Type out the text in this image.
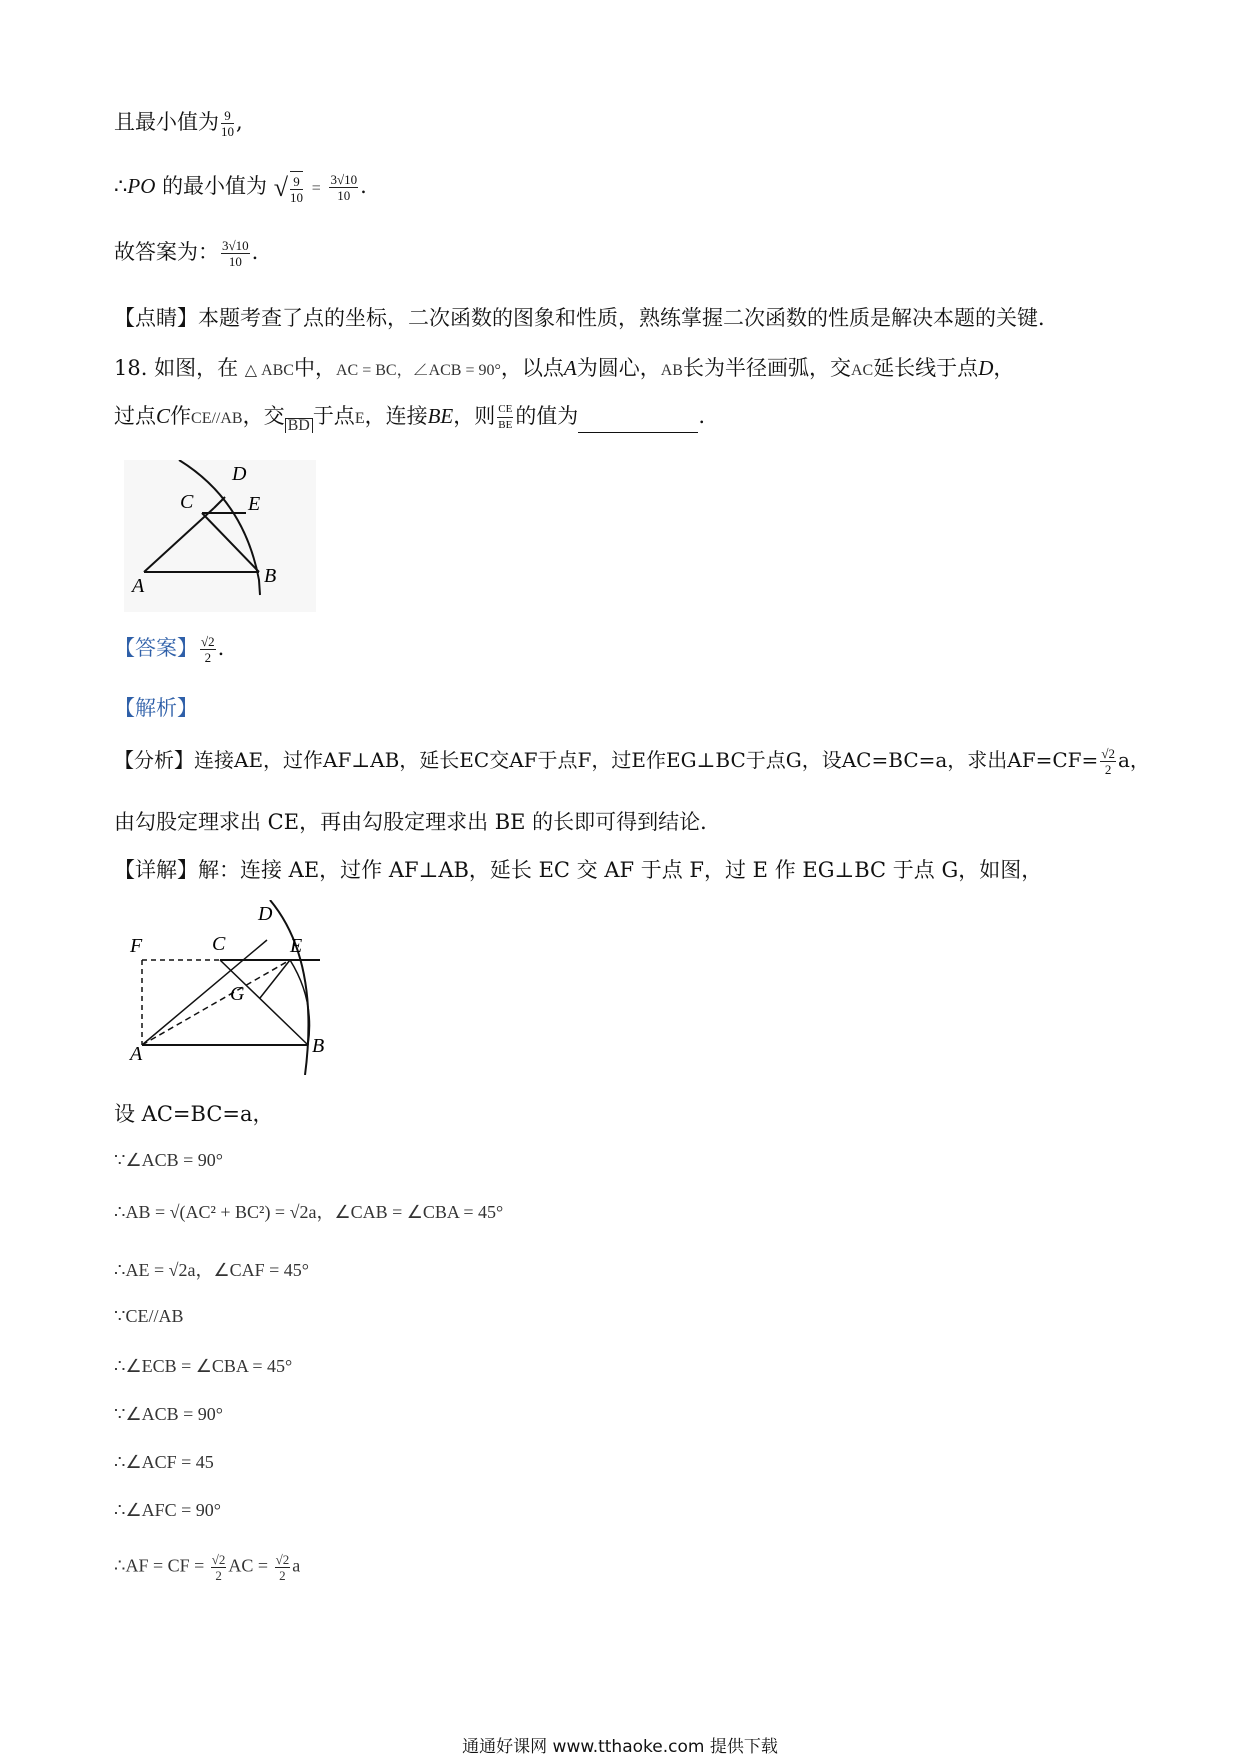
且最小值为 $\frac{9}{10}$ ,
∴PO 的最小值为 √ $\frac{9}{10} = \frac{3√10}{10}$ .
故答案为： $\frac{3√10}{10}$ .
【点睛】本题考查了点的坐标，二次函数的图象和性质，熟练掌握二次函数的性质是解决本题的关键．
18. 如图，在 △ ABC中，AC = BC，∠ACB = 90°，以点A为圆心，AB长为半径画弧，交AC延长线于点D，
过点C作CE//AB，交 BD 于点E，连接BE，则 $\frac{CE}{BE}$ 的值为	.
A	B
C
D
E
【答案】 $\frac{√2}{2}$ .
【解析】
【分析】连接AE，过作AF⊥AB，延长EC交AF于点F，过E作EG⊥BC于点G，设AC=BC=a，求出$AF=CF= \frac{√2}{2}$ a，
由勾股定理求出 CE，再由勾股定理求出 BE 的长即可得到结论．
【详解】解：连接 AE，过作 AF⊥AB，延长 EC 交 AF 于点 F，过 E 作 EG⊥BC 于点 G，如图，
A	B
C
D
E
F
G
设 AC=BC=a，
∵∠ACB = 90°
∴AB = √(AC² + BC²) = √2a，∠CAB = ∠CBA = 45°
∴AE = √2a，∠CAF = 45°
∵CE//AB
∴∠ECB = ∠CBA = 45°
∵∠ACB = 90°
∴∠ACF = 45
∴∠AFC = 90°
∴AF = CF = $\frac{√2}{2}$ AC = $\frac{√2}{2}$ a
通通好课网 www.tthaoke.com 提供下载
